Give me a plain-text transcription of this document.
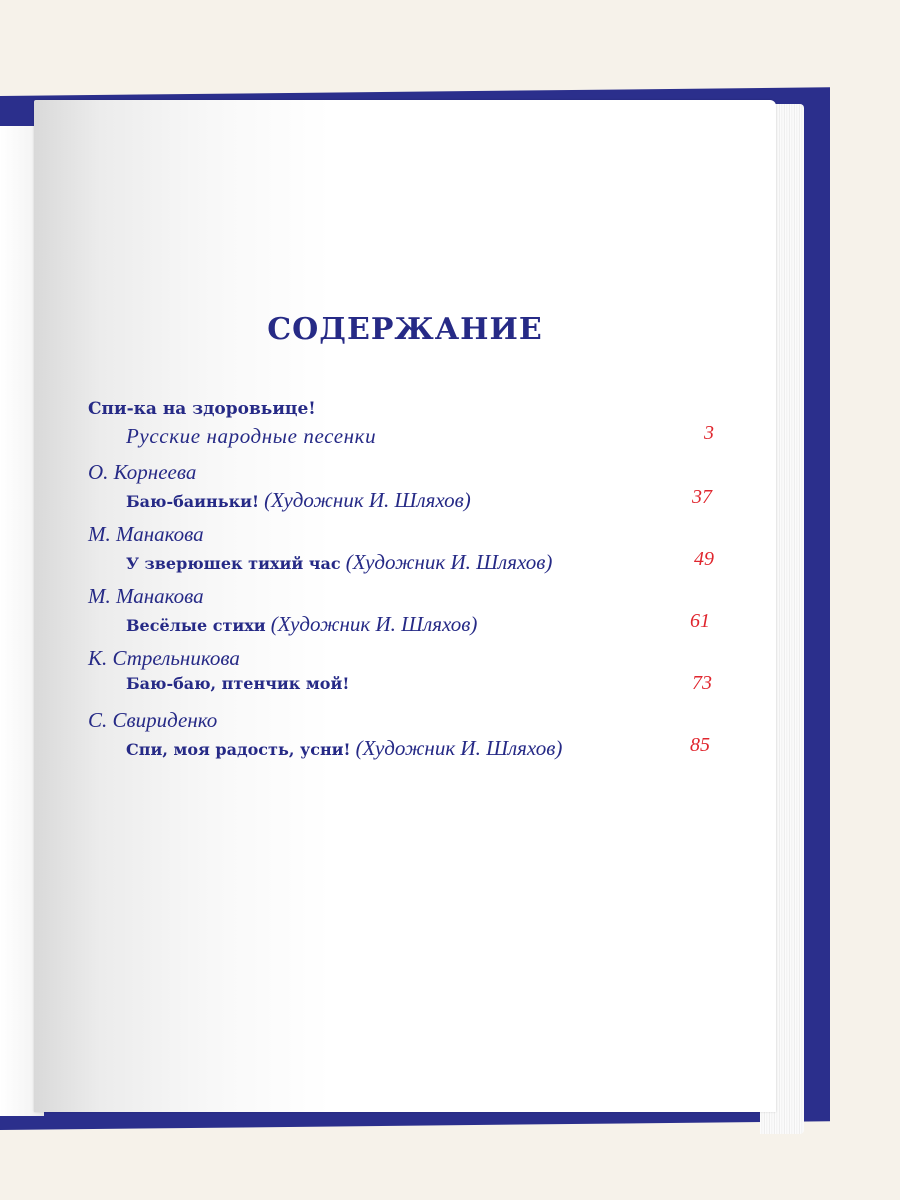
СОДЕРЖАНИЕ
Спи-ка на здоровьице!
Русские народные песенки	3
О. Корнеева
Баю-баиньки! (Художник И. Шляхов)	37
М. Манакова
У зверюшек тихий час (Художник И. Шляхов)	49
М. Манакова
Весёлые стихи (Художник И. Шляхов)	61
К. Стрельникова
Баю-баю, птенчик мой!	73
С. Свириденко
Спи, моя радость, усни! (Художник И. Шляхов)	85
